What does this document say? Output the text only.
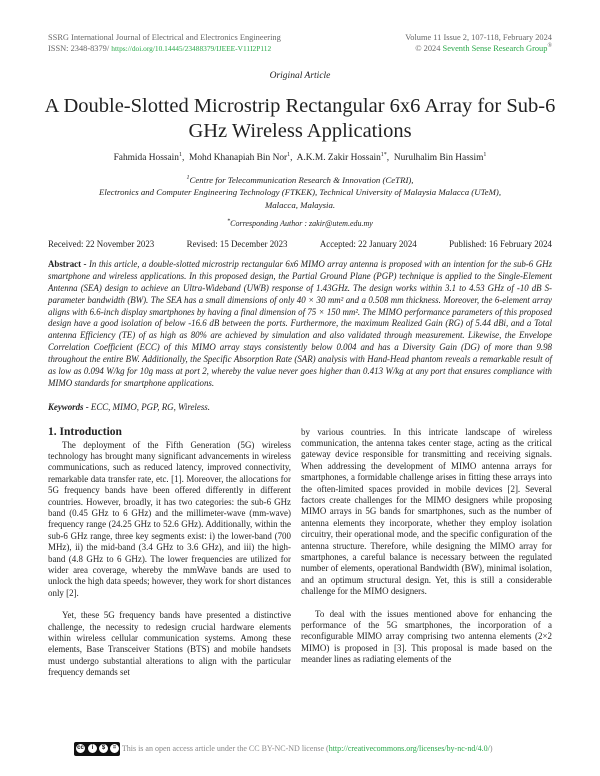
SSRG International Journal of Electrical and Electronics Engineering
ISSN: 2348-8379/ https://doi.org/10.14445/23488379/IJEEE-V11I2P112
Volume 11 Issue 2, 107-118, February 2024
© 2024 Seventh Sense Research Group®
Original Article
A Double-Slotted Microstrip Rectangular 6x6 Array for Sub-6 GHz Wireless Applications
Fahmida Hossain$^1$,  Mohd Khanapiah Bin Nor$^1$,  A.K.M. Zakir Hossain$^{1*}$,  Nurulhalim Bin Hassim$^1$
$^1$Centre for Telecommunication Research & Innovation (CeTRI),
Electronics and Computer Engineering Technology (FTKEK), Technical University of Malaysia Malacca (UTeM),
Malacca, Malaysia.
*Corresponding Author : zakir@utem.edu.my
Received: 22 November 2023	Revised: 15 December 2023	Accepted: 22 January 2024	Published: 16 February 2024
Abstract - In this article, a double-slotted microstrip rectangular 6x6 MIMO array antenna is proposed with an intention for the sub-6 GHz smartphone and wireless applications. In this proposed design, the Partial Ground Plane (PGP) technique is applied to the Single-Element Antenna (SEA) design to achieve an Ultra-Wideband (UWB) response of 1.43GHz. The design works within 3.1 to 4.53 GHz of -10 dB S-parameter bandwidth (BW). The SEA has a small dimensions of only 40 × 30 mm² and a 0.508 mm thickness. Moreover, the 6-element array aligns with 6.6-inch display smartphones by having a final dimension of 75 × 150 mm². The MIMO performance parameters of this proposed design have a good isolation of below -16.6 dB between the ports. Furthermore, the maximum Realized Gain (RG) of 5.44 dBi, and a Total antenna Efficiency (TE) of as high as 80% are achieved by simulation and also validated through measurement. Likewise, the Envelope Correlation Coefficient (ECC) of this MIMO array stays consistently below 0.004 and has a Diversity Gain (DG) of more than 9.98 throughout the entire BW. Additionally, the Specific Absorption Rate (SAR) analysis with Hand-Head phantom reveals a remarkable result of as low as 0.094 W/kg for 10g mass at port 2, whereby the value never goes higher than 0.413 W/kg at any port that ensures compliance with MIMO standards for smartphone applications.
Keywords - ECC, MIMO, PGP, RG, Wireless.
1. Introduction

The deployment of the Fifth Generation (5G) wireless technology has brought many significant advancements in wireless communications, such as reduced latency, improved connectivity, remarkable data transfer rate, etc. [1]. Moreover, the allocations for 5G frequency bands have been offered differently in different countries. However, broadly, it has two categories: the sub-6 GHz band (0.45 GHz to 6 GHz) and the millimeter-wave (mm-wave) frequency range (24.25 GHz to 52.6 GHz). Additionally, within the sub-6 GHz range, three key segments exist: i) the lower-band (700 MHz), ii) the mid-band (3.4 GHz to 3.6 GHz), and iii) the high-band (4.8 GHz to 6 GHz). The lower frequencies are utilized for wider area coverage, whereby the mmWave bands are used to unlock the high data speeds; however, they work for short distances only [2].

Yet, these 5G frequency bands have presented a distinctive challenge, the necessity to redesign crucial hardware elements within wireless cellular communication systems. Among these elements, Base Transceiver Stations (BTS) and mobile handsets must undergo substantial alterations to align with the particular frequency demands set

by various countries. In this intricate landscape of wireless communication, the antenna takes center stage, acting as the critical gateway device responsible for transmitting and receiving signals. When addressing the development of MIMO antenna arrays for smartphones, a formidable challenge arises in fitting these arrays into the often-limited spaces provided in mobile devices [2]. Several factors create challenges for the MIMO designers while proposing MIMO arrays in 5G bands for smartphones, such as the number of antenna elements they incorporate, whether they employ isolation circuitry, their operational mode, and the specific configuration of the antenna structure. Therefore, while designing the MIMO array for smartphones, a careful balance is necessary between the regulated number of elements, operational Bandwidth (BW), minimal isolation, and an optimum structural design. Yet, this is still a considerable challenge for the MIMO designers.

To deal with the issues mentioned above for enhancing the performance of the 5G smartphones, the incorporation of a reconfigurable MIMO array comprising two antenna elements (2×2 MIMO) is proposed in [3]. This proposal is made based on the meander lines as radiating elements of the

cc	i	$	= This is an open access article under the CC BY-NC-ND license (http://creativecommons.org/licenses/by-nc-nd/4.0/)
